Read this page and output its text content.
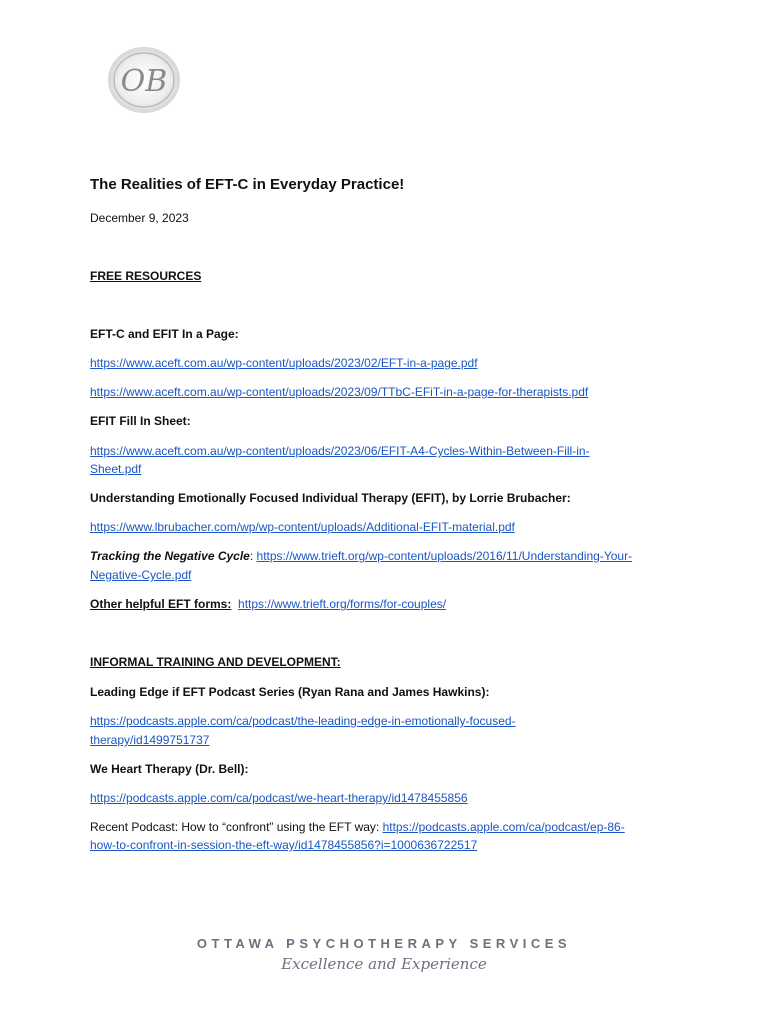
OB
The Realities of EFT-C in Everyday Practice!
December 9, 2023
FREE RESOURCES
EFT-C and EFIT In a Page:
https://www.aceft.com.au/wp-content/uploads/2023/02/EFT-in-a-page.pdf
https://www.aceft.com.au/wp-content/uploads/2023/09/TTbC-EFiT-in-a-page-for-therapists.pdf
EFIT Fill In Sheet:
https://www.aceft.com.au/wp-content/uploads/2023/06/EFIT-A4-Cycles-Within-Between-Fill-in-
Sheet.pdf
Understanding Emotionally Focused Individual Therapy (EFIT), by Lorrie Brubacher:
https://www.lbrubacher.com/wp/wp-content/uploads/Additional-EFIT-material.pdf
Tracking the Negative Cycle: https://www.trieft.org/wp-content/uploads/2016/11/Understanding-Your-
Negative-Cycle.pdf
Other helpful EFT forms: https://www.trieft.org/forms/for-couples/
INFORMAL TRAINING AND DEVELOPMENT:
Leading Edge if EFT Podcast Series (Ryan Rana and James Hawkins):
https://podcasts.apple.com/ca/podcast/the-leading-edge-in-emotionally-focused-
therapy/id1499751737
We Heart Therapy (Dr. Bell):
https://podcasts.apple.com/ca/podcast/we-heart-therapy/id1478455856
Recent Podcast: How to “confront” using the EFT way: https://podcasts.apple.com/ca/podcast/ep-86-
how-to-confront-in-session-the-eft-way/id1478455856?i=1000636722517
OTTAWA PSYCHOTHERAPY SERVICES
Excellence and Experience
